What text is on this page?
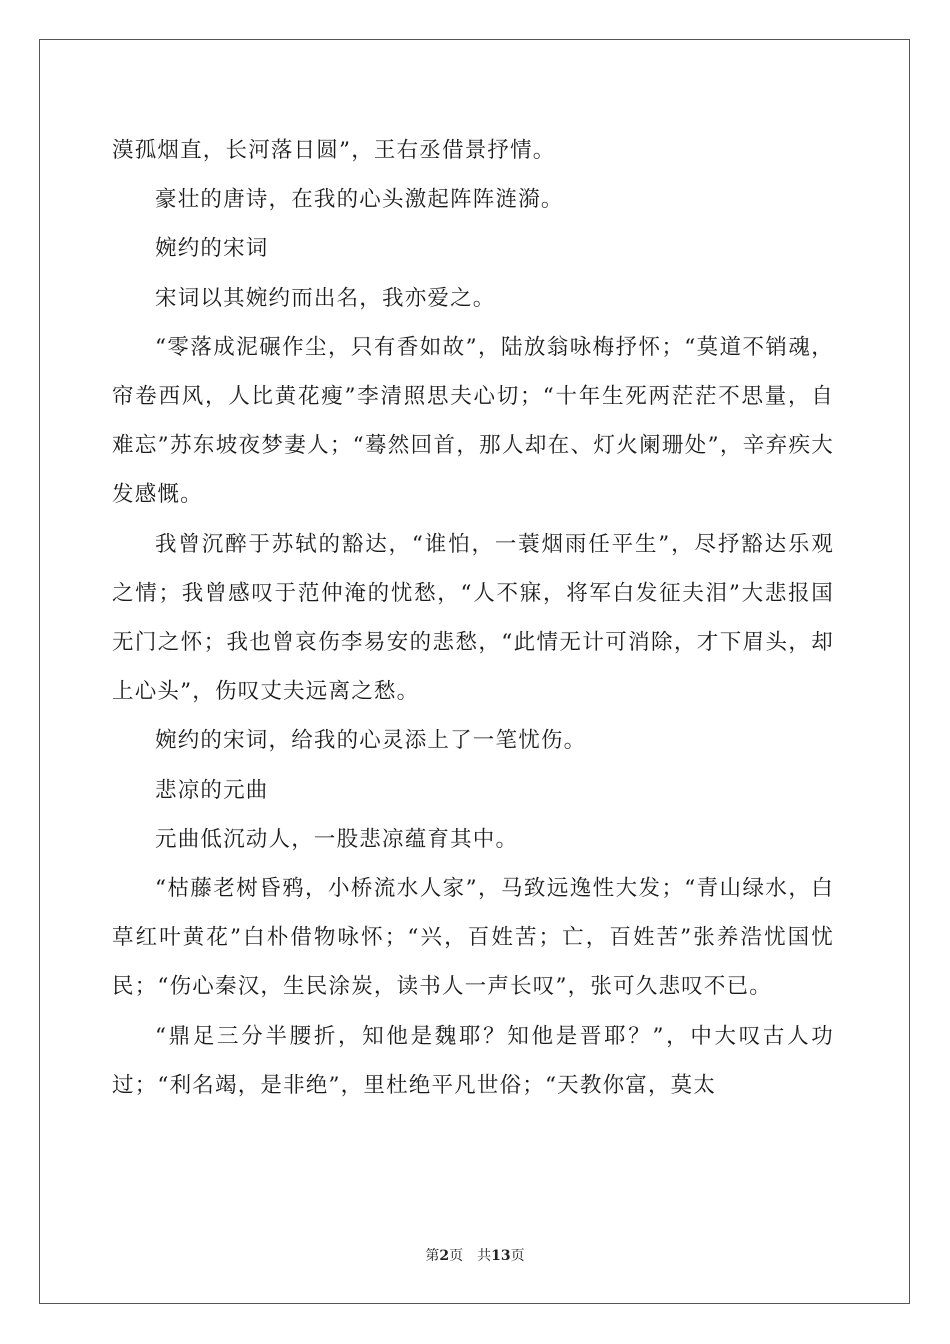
漠孤烟直，长河落日圆”，王右丞借景抒情。

豪壮的唐诗，在我的心头激起阵阵涟漪。

婉约的宋词

宋词以其婉约而出名，我亦爱之。

“零落成泥碾作尘，只有香如故”，陆放翁咏梅抒怀；“莫道不销魂，帘卷西风，人比黄花瘦”李清照思夫心切；“十年生死两茫茫不思量，自难忘”苏东坡夜梦妻人；“蓦然回首，那人却在、灯火阑珊处”，辛弃疾大发感慨。

我曾沉醉于苏轼的豁达，“谁怕，一蓑烟雨任平生”，尽抒豁达乐观之情；我曾感叹于范仲淹的忧愁，“人不寐，将军白发征夫泪”大悲报国无门之怀；我也曾哀伤李易安的悲愁，“此情无计可消除，才下眉头，却上心头”，伤叹丈夫远离之愁。

婉约的宋词，给我的心灵添上了一笔忧伤。

悲凉的元曲

元曲低沉动人，一股悲凉蕴育其中。

“枯藤老树昏鸦，小桥流水人家”，马致远逸性大发；“青山绿水，白草红叶黄花”白朴借物咏怀；“兴，百姓苦；亡，百姓苦”张养浩忧国忧民；“伤心秦汉，生民涂炭，读书人一声长叹”，张可久悲叹不已。

“鼎足三分半腰折，知他是魏耶？知他是晋耶？”，中大叹古人功过；“利名竭，是非绝”，里杜绝平凡世俗；“天教你富，莫太

第2页 共13页
